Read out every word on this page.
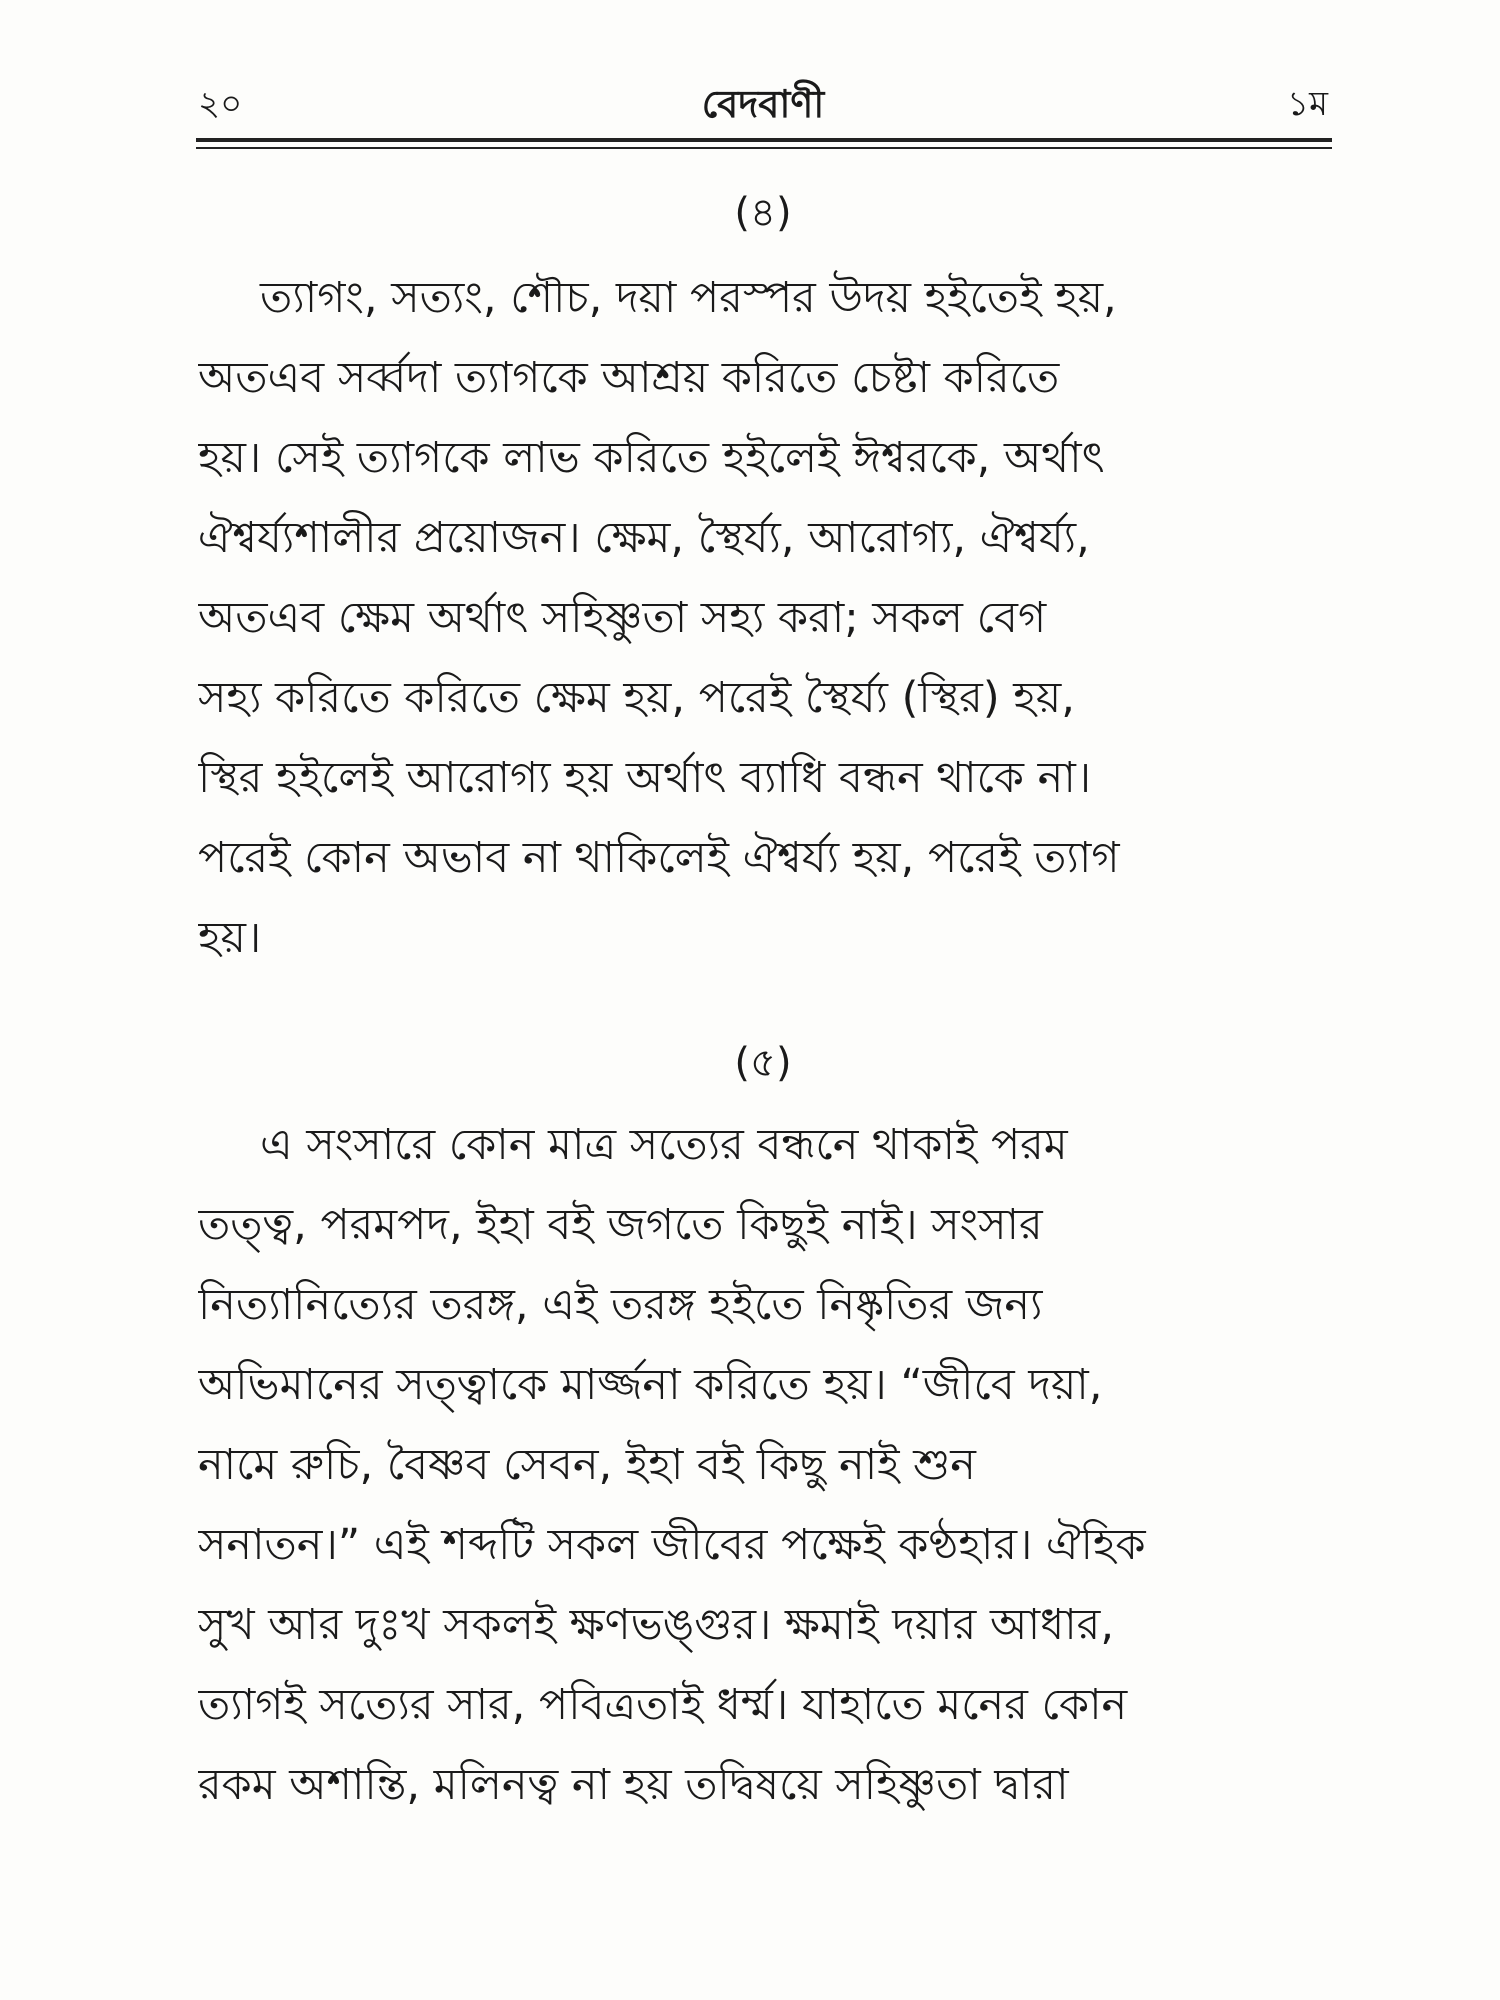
২০	বেদবাণী	১ম
(৪)
ত্যাগং, সত্যং, শৌচ, দয়া পরস্পর উদয় হইতেই হয়,
অতএব সর্ব্বদা ত্যাগকে আশ্রয় করিতে চেষ্টা করিতে
হয়। সেই ত্যাগকে লাভ করিতে হইলেই ঈশ্বরকে, অর্থাৎ
ঐশ্বর্য্যশালীর প্রয়োজন। ক্ষেম, স্থৈর্য্য, আরোগ্য, ঐশ্বর্য্য,
অতএব ক্ষেম অর্থাৎ সহিষ্ণুতা সহ্য করা; সকল বেগ
সহ্য করিতে করিতে ক্ষেম হয়, পরেই স্থৈর্য্য (স্থির) হয়,
স্থির হইলেই আরোগ্য হয় অর্থাৎ ব্যাধি বন্ধন থাকে না।
পরেই কোন অভাব না থাকিলেই ঐশ্বর্য্য হয়, পরেই ত্যাগ
হয়।
(৫)
এ সংসারে কোন মাত্র সত্যের বন্ধনে থাকাই পরম
তত্ত্ব, পরমপদ, ইহা বই জগতে কিছুই নাই। সংসার
নিত্যানিত্যের তরঙ্গ, এই তরঙ্গ হইতে নিষ্কৃতির জন্য
অভিমানের সত্ত্বাকে মার্জ্জনা করিতে হয়। “জীবে দয়া,
নামে রুচি, বৈষ্ণব সেবন, ইহা বই কিছু নাই শুন
সনাতন।” এই শব্দটি সকল জীবের পক্ষেই কণ্ঠহার। ঐহিক
সুখ আর দুঃখ সকলই ক্ষণভঙ্গুর। ক্ষমাই দয়ার আধার,
ত্যাগই সত্যের সার, পবিত্রতাই ধর্ম্ম। যাহাতে মনের কোন
রকম অশান্তি, মলিনত্ব না হয় তদ্বিষয়ে সহিষ্ণুতা দ্বারা
